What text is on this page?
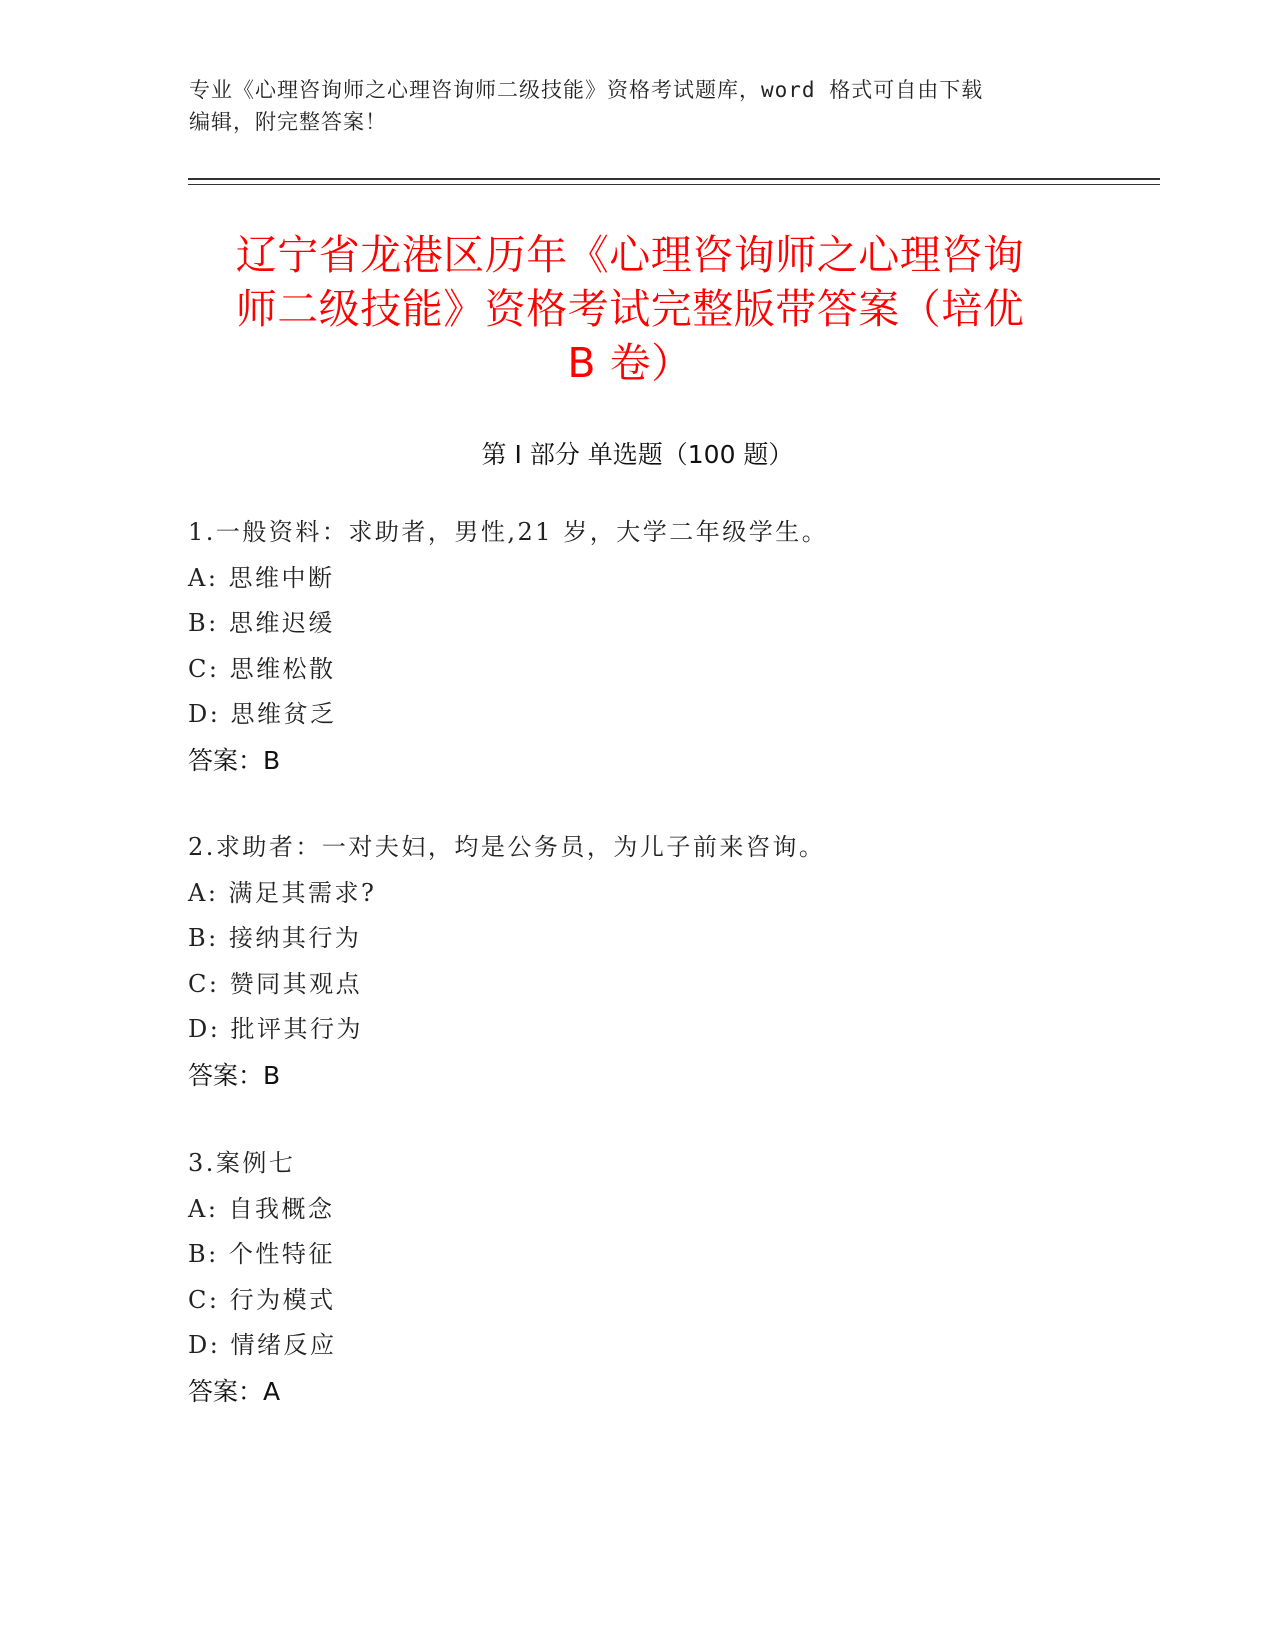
专业《心理咨询师之心理咨询师二级技能》资格考试题库，word 格式可自由下载
编辑，附完整答案！
辽宁省龙港区历年《心理咨询师之心理咨询
师二级技能》资格考试完整版带答案（培优
B 卷）
第 I 部分 单选题（100 题）
1.一般资料：求助者，男性,21 岁，大学二年级学生。
A: 思维中断
B: 思维迟缓
C: 思维松散
D: 思维贫乏
答案：B
2.求助者：一对夫妇，均是公务员，为儿子前来咨询。
A: 满足其需求?
B: 接纳其行为
C: 赞同其观点
D: 批评其行为
答案：B
3.案例七
A: 自我概念
B: 个性特征
C: 行为模式
D: 情绪反应
答案：A
